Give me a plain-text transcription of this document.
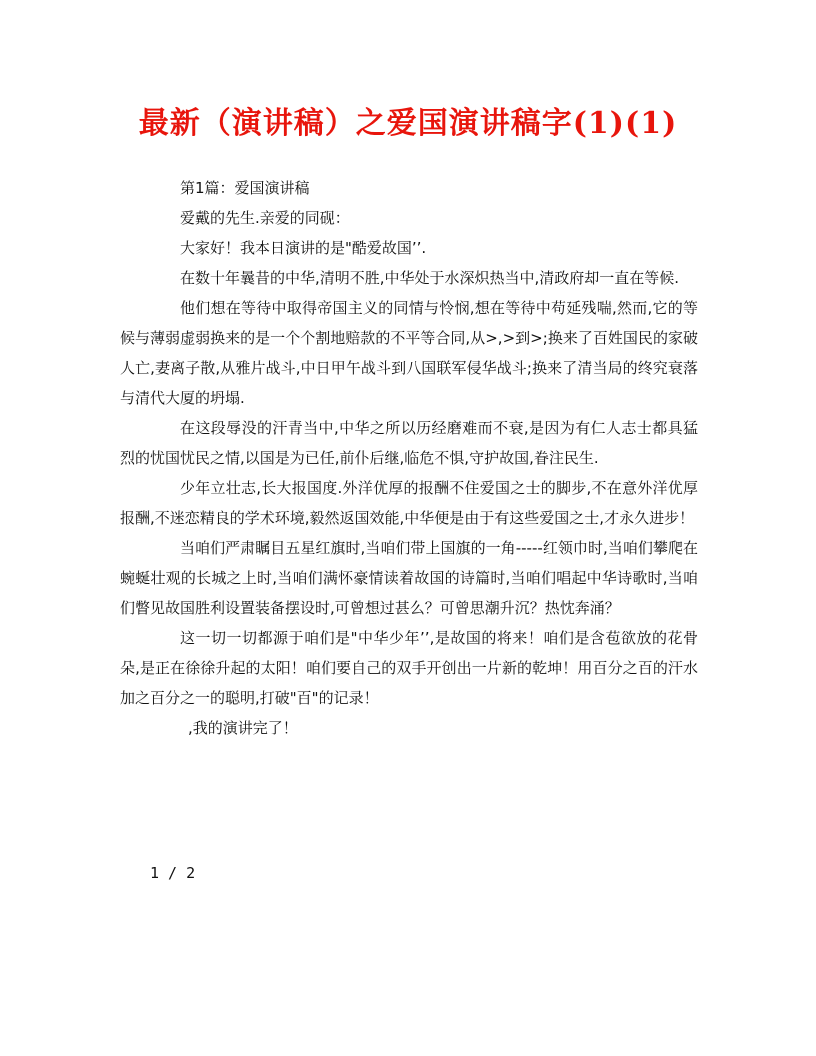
最新（演讲稿）之爱国演讲稿字(1)(1)

第1篇：爱国演讲稿

爱戴的先生.亲爱的同砚：

大家好！我本日演讲的是"酷爱故国’’.

在数十年曩昔的中华,清明不胜,中华处于水深炽热当中,清政府却一直在等候.

他们想在等待中取得帝国主义的同情与怜悯,想在等待中苟延残喘,然而,它的等候与薄弱虚弱换来的是一个个割地赔款的不平等合同,从>,>到>;换来了百姓国民的家破人亡,妻离子散,从雅片战斗,中日甲午战斗到八国联军侵华战斗;换来了清当局的终究衰落与清代大厦的坍塌.

在这段辱没的汗青当中,中华之所以历经磨难而不衰,是因为有仁人志士都具猛烈的忧国忧民之情,以国是为已任,前仆后继,临危不惧,守护故国,眷注民生.

少年立壮志,长大报国度.外洋优厚的报酬不住爱国之士的脚步,不在意外洋优厚报酬,不迷恋精良的学术环境,毅然返国效能,中华便是由于有这些爱国之士,才永久进步！

当咱们严肃瞩目五星红旗时,当咱们带上国旗的一角-----红领巾时,当咱们攀爬在蜿蜒壮观的长城之上时,当咱们满怀豪情读着故国的诗篇时,当咱们唱起中华诗歌时,当咱们瞥见故国胜利设置装备摆设时,可曾想过甚么？可曾思潮升沉？热忱奔涌？

这一切一切都源于咱们是"中华少年’’,是故国的将来！咱们是含苞欲放的花骨朵,是正在徐徐升起的太阳！咱们要自己的双手开创出一片新的乾坤！用百分之百的汗水加之百分之一的聪明,打破"百"的记录！

,我的演讲完了！

1 / 2
